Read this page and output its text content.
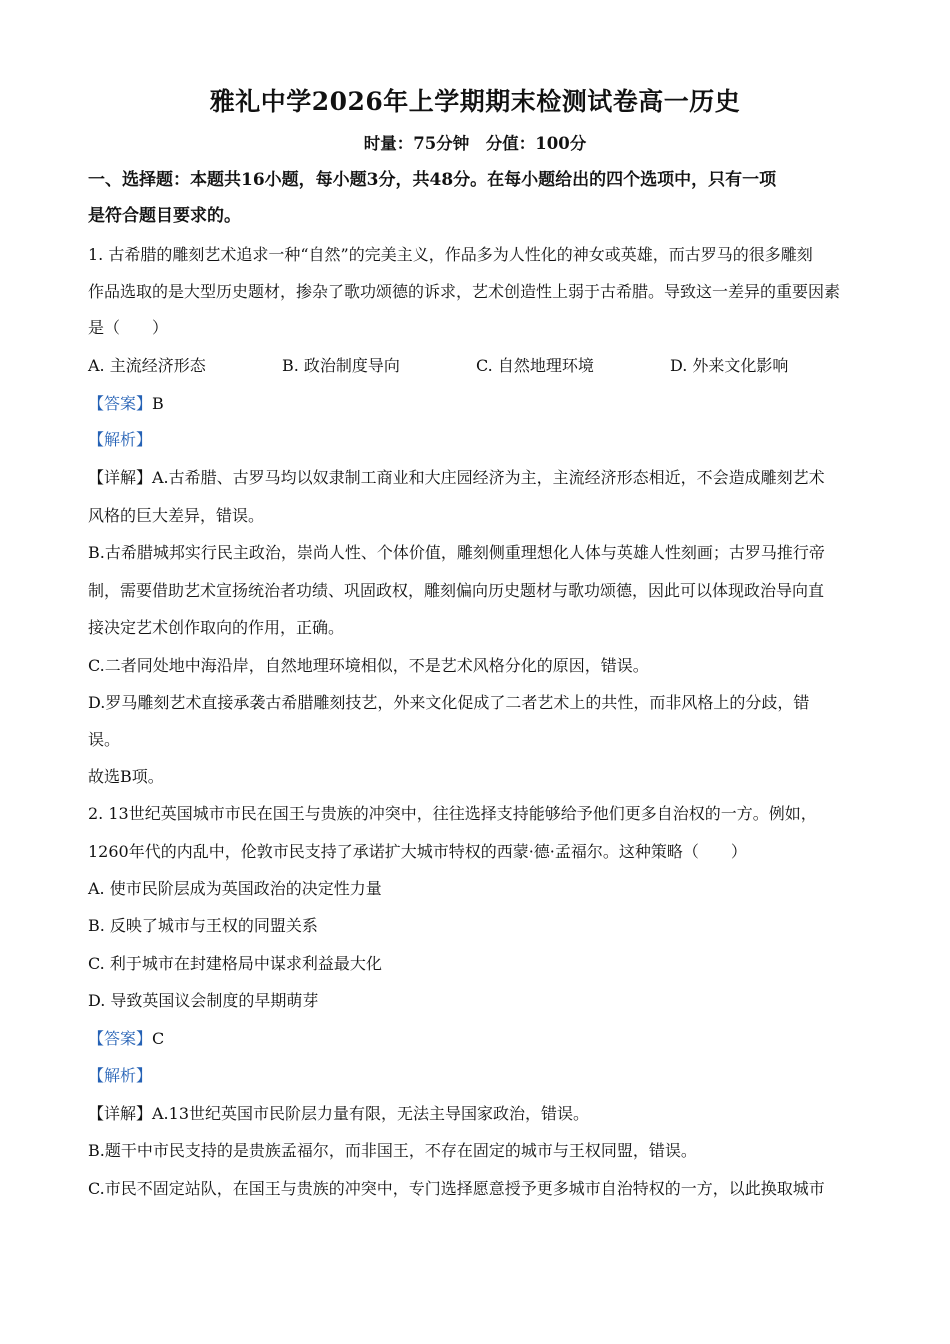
雅礼中学2026年上学期期末检测试卷高一历史
时量：75分钟　分值：100分
一、选择题：本题共16小题，每小题3分，共48分。在每小题给出的四个选项中，只有一项
是符合题目要求的。
1. 古希腊的雕刻艺术追求一种“自然”的完美主义，作品多为人性化的神女或英雄，而古罗马的很多雕刻
作品选取的是大型历史题材，掺杂了歌功颂德的诉求，艺术创造性上弱于古希腊。导致这一差异的重要因素
是（　　）
A. 主流经济形态	B. 政治制度导向	C. 自然地理环境	D. 外来文化影响
【答案】B
【解析】
【详解】A.古希腊、古罗马均以奴隶制工商业和大庄园经济为主，主流经济形态相近，不会造成雕刻艺术
风格的巨大差异，错误。
B.古希腊城邦实行民主政治，崇尚人性、个体价值，雕刻侧重理想化人体与英雄人性刻画；古罗马推行帝
制，需要借助艺术宣扬统治者功绩、巩固政权，雕刻偏向历史题材与歌功颂德，因此可以体现政治导向直
接决定艺术创作取向的作用，正确。
C.二者同处地中海沿岸，自然地理环境相似，不是艺术风格分化的原因，错误。
D.罗马雕刻艺术直接承袭古希腊雕刻技艺，外来文化促成了二者艺术上的共性，而非风格上的分歧，错
误。
故选B项。
2. 13世纪英国城市市民在国王与贵族的冲突中，往往选择支持能够给予他们更多自治权的一方。例如，
1260年代的内乱中，伦敦市民支持了承诺扩大城市特权的西蒙·德·孟福尔。这种策略（　　）
A. 使市民阶层成为英国政治的决定性力量
B. 反映了城市与王权的同盟关系
C. 利于城市在封建格局中谋求利益最大化
D. 导致英国议会制度的早期萌芽
【答案】C
【解析】
【详解】A.13世纪英国市民阶层力量有限，无法主导国家政治，错误。
B.题干中市民支持的是贵族孟福尔，而非国王，不存在固定的城市与王权同盟，错误。
C.市民不固定站队，在国王与贵族的冲突中，专门选择愿意授予更多城市自治特权的一方，以此换取城市
